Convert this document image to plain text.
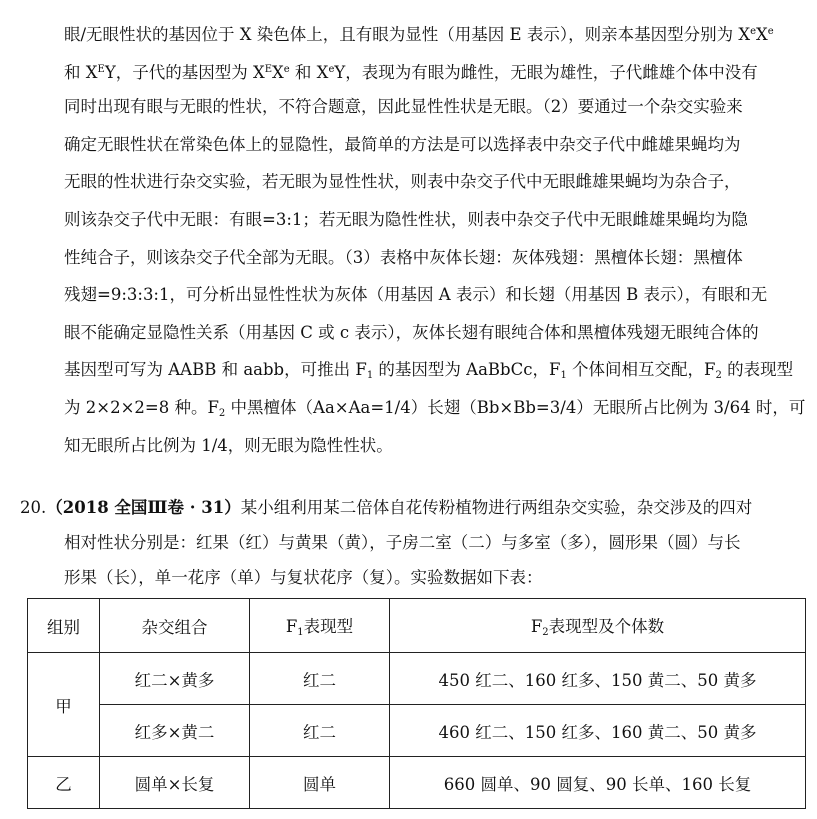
眼/无眼性状的基因位于 X 染色体上，且有眼为显性（用基因 E 表示），则亲本基因型分别为 XeXe
和 $X^EY$，子代的基因型为 $X^EXe$ 和 XeY，表现为有眼为雌性，无眼为雄性，子代雌雄个体中没有
同时出现有眼与无眼的性状，不符合题意，因此显性性状是无眼。（2）要通过一个杂交实验来
确定无眼性状在常染色体上的显隐性，最简单的方法是可以选择表中杂交子代中雌雄果蝇均为
无眼的性状进行杂交实验，若无眼为显性性状，则表中杂交子代中无眼雌雄果蝇均为杂合子，
则该杂交子代中无眼：有眼=3:1；若无眼为隐性性状，则表中杂交子代中无眼雌雄果蝇均为隐
性纯合子，则该杂交子代全部为无眼。（3）表格中灰体长翅：灰体残翅：黑檀体长翅：黑檀体
残翅=9:3:3:1，可分析出显性性状为灰体（用基因 A 表示）和长翅（用基因 B 表示），有眼和无
眼不能确定显隐性关系（用基因 C 或 c 表示），灰体长翅有眼纯合体和黑檀体残翅无眼纯合体的
基因型可写为 AABB 和 aabb，可推出 $F_1$ 的基因型为 AaBbCc，$F_1$ 个体间相互交配，$F_2$ 的表现型
为 2×2×2=8 种。$F_2$ 中黑檀体（Aa×Aa=1/4）长翅（Bb×Bb=3/4）无眼所占比例为 3/64 时，可
知无眼所占比例为 1/4，则无眼为隐性性状。
20.（2018 全国Ⅲ卷 · 31）某小组利用某二倍体自花传粉植物进行两组杂交实验，杂交涉及的四对
相对性状分别是：红果（红）与黄果（黄），子房二室（二）与多室（多），圆形果（圆）与长
形果（长），单一花序（单）与复状花序（复）。实验数据如下表：
组别	杂交组合	$F_1$表现型	$F_2$表现型及个体数
甲	红二×黄多	红二	450 红二、160 红多、150 黄二、50 黄多
	红多×黄二	红二	460 红二、150 红多、160 黄二、50 黄多
乙	圆单×长复	圆单	660 圆单、90 圆复、90 长单、160 长复
